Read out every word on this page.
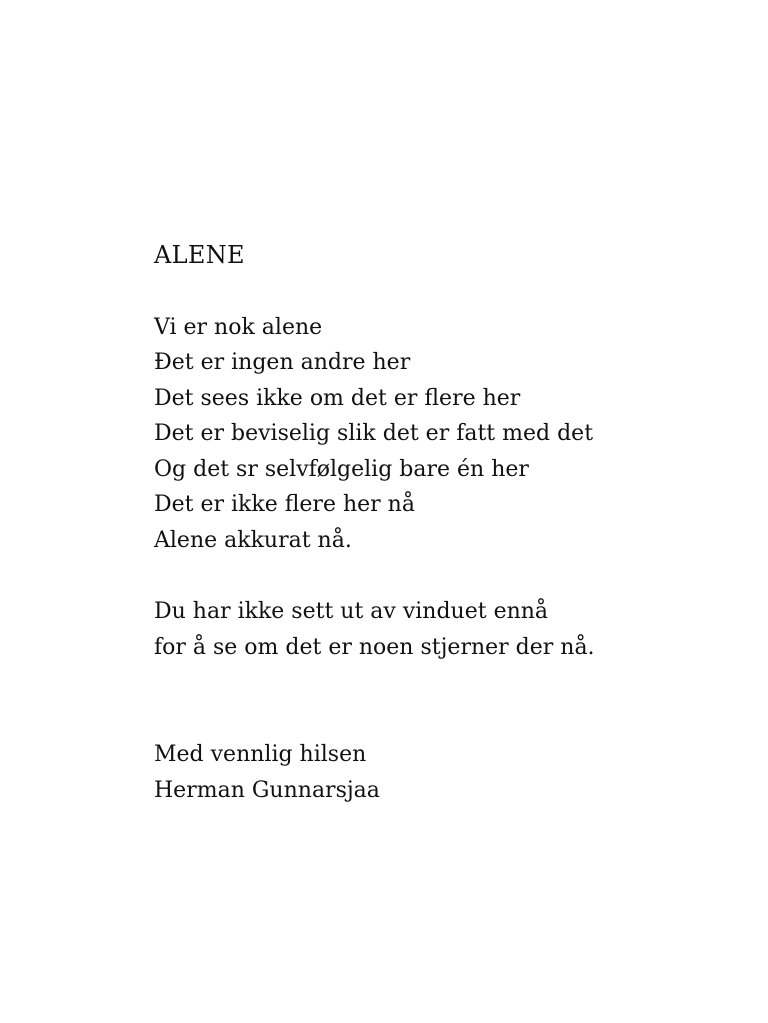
ALENE
Vi er nok alene
Đet er ingen andre her
Det sees ikke om det er flere her
Det er beviselig slik det er fatt med det
Og det sr selvfølgelig bare én her
Det er ikke flere her nå
Alene akkurat nå.
Du har ikke sett ut av vinduet ennå
for å se om det er noen stjerner der nå.
Med vennlig hilsen
Herman Gunnarsjaa
